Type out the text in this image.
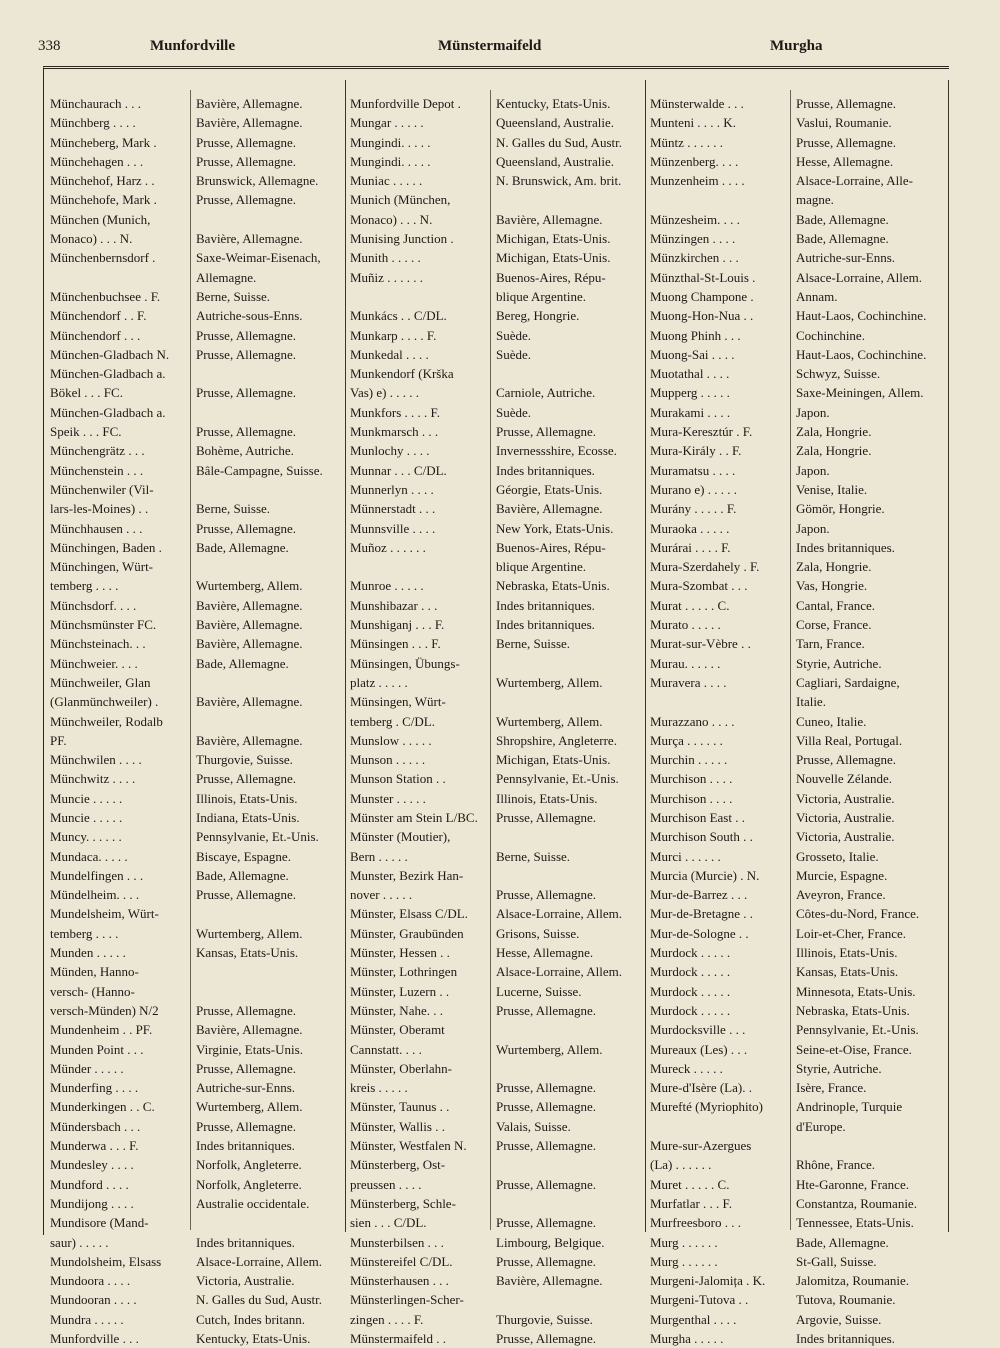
338	Munfordville	Münstermaifeld	Murgha
Münchaurach . . .	Bavière, Allemagne.
Münchberg . . . .	Bavière, Allemagne.
Müncheberg, Mark .	Prusse, Allemagne.
Münchehagen . . .	Prusse, Allemagne.
Münchehof, Harz . .	Brunswick, Allemagne.
Münchehofe, Mark .	Prusse, Allemagne.
München (Munich,
Monaco) . . . N.	Bavière, Allemagne.
Münchenbernsdorf .	Saxe-Weimar-Eisenach,
Allemagne.
Münchenbuchsee . F.	Berne, Suisse.
Münchendorf . . F.	Autriche-sous-Enns.
Münchendorf . . .	Prusse, Allemagne.
München-Gladbach N.	Prusse, Allemagne.
München-Gladbach a.
Bökel . . . FC.	Prusse, Allemagne.
München-Gladbach a.
Speik . . . FC.	Prusse, Allemagne.
Münchengrätz . . .	Bohème, Autriche.
Münchenstein . . .	Bâle-Campagne, Suisse.
Münchenwiler (Vil-
lars-les-Moines) . .	Berne, Suisse.
Münchhausen . . .	Prusse, Allemagne.
Münchingen, Baden .	Bade, Allemagne.
Münchingen, Würt-
temberg . . . .	Wurtemberg, Allem.
Münchsdorf. . . .	Bavière, Allemagne.
Münchsmünster FC.	Bavière, Allemagne.
Münchsteinach. . .	Bavière, Allemagne.
Münchweier. . . .	Bade, Allemagne.
Münchweiler, Glan
(Glanmünchweiler) .	Bavière, Allemagne.
Münchweiler, Rodalb
PF.	Bavière, Allemagne.
Münchwilen . . . .	Thurgovie, Suisse.
Münchwitz . . . .	Prusse, Allemagne.
Muncie . . . . .	Illinois, Etats-Unis.
Muncie . . . . .	Indiana, Etats-Unis.
Muncy. . . . . .	Pennsylvanie, Et.-Unis.
Mundaca. . . . .	Biscaye, Espagne.
Mundelfingen . . .	Bade, Allemagne.
Mündelheim. . . .	Prusse, Allemagne.
Mundelsheim, Würt-
temberg . . . .	Wurtemberg, Allem.
Munden . . . . .	Kansas, Etats-Unis.
Münden, Hanno-
versch- (Hanno-
versch-Münden) N/2	Prusse, Allemagne.
Mundenheim . . PF.	Bavière, Allemagne.
Munden Point . . .	Virginie, Etats-Unis.
Münder . . . . .	Prusse, Allemagne.
Munderfing . . . .	Autriche-sur-Enns.
Munderkingen . . C.	Wurtemberg, Allem.
Mündersbach . . .	Prusse, Allemagne.
Munderwa . . . F.	Indes britanniques.
Mundesley . . . .	Norfolk, Angleterre.
Mundford . . . .	Norfolk, Angleterre.
Mundijong . . . .	Australie occidentale.
Mundisore (Mand-
saur) . . . . .	Indes britanniques.
Mundolsheim, Elsass	Alsace-Lorraine, Allem.
Mundoora . . . .	Victoria, Australie.
Mundooran . . . .	N. Galles du Sud, Austr.
Mundra . . . . .	Cutch, Indes britann.
Munfordville . . .	Kentucky, Etats-Unis.
Munfordville Depot .	Kentucky, Etats-Unis.
Mungar . . . . .	Queensland, Australie.
Mungindi. . . . .	N. Galles du Sud, Austr.
Mungindi. . . . .	Queensland, Australie.
Muniac . . . . .	N. Brunswick, Am. brit.
Munich (München,
Monaco) . . . N.	Bavière, Allemagne.
Munising Junction .	Michigan, Etats-Unis.
Munith . . . . .	Michigan, Etats-Unis.
Muñiz . . . . . .	Buenos-Aires, Répu-
blique Argentine.
Munkács . . C/DL.	Bereg, Hongrie.
Munkarp . . . . F.	Suède.
Munkedal . . . .	Suède.
Munkendorf (Krška
Vas) e) . . . . .	Carniole, Autriche.
Munkfors . . . . F.	Suède.
Munkmarsch . . .	Prusse, Allemagne.
Munlochy . . . .	Invernessshire, Ecosse.
Munnar . . . C/DL.	Indes britanniques.
Munnerlyn . . . .	Géorgie, Etats-Unis.
Münnerstadt . . .	Bavière, Allemagne.
Munnsville . . . .	New York, Etats-Unis.
Muñoz . . . . . .	Buenos-Aires, Répu-
blique Argentine.
Munroe . . . . .	Nebraska, Etats-Unis.
Munshibazar . . .	Indes britanniques.
Munshiganj . . . F.	Indes britanniques.
Münsingen . . . F.	Berne, Suisse.
Münsingen, Übungs-
platz . . . . .	Wurtemberg, Allem.
Münsingen, Würt-
temberg . C/DL.	Wurtemberg, Allem.
Munslow . . . . .	Shropshire, Angleterre.
Munson . . . . .	Michigan, Etats-Unis.
Munson Station . .	Pennsylvanie, Et.-Unis.
Munster . . . . .	Illinois, Etats-Unis.
Münster am Stein L/BC.	Prusse, Allemagne.
Münster (Moutier),
Bern . . . . .	Berne, Suisse.
Munster, Bezirk Han-
nover . . . . .	Prusse, Allemagne.
Münster, Elsass C/DL.	Alsace-Lorraine, Allem.
Münster, Graubünden	Grisons, Suisse.
Münster, Hessen . .	Hesse, Allemagne.
Münster, Lothringen	Alsace-Lorraine, Allem.
Münster, Luzern . .	Lucerne, Suisse.
Münster, Nahe. . .	Prusse, Allemagne.
Münster, Oberamt
Cannstatt. . . .	Wurtemberg, Allem.
Münster, Oberlahn-
kreis . . . . .	Prusse, Allemagne.
Münster, Taunus . .	Prusse, Allemagne.
Münster, Wallis . .	Valais, Suisse.
Münster, Westfalen N.	Prusse, Allemagne.
Münsterberg, Ost-
preussen . . . .	Prusse, Allemagne.
Münsterberg, Schle-
sien . . . C/DL.	Prusse, Allemagne.
Munsterbilsen . . .	Limbourg, Belgique.
Münstereifel C/DL.	Prusse, Allemagne.
Münsterhausen . . .	Bavière, Allemagne.
Münsterlingen-Scher-
zingen . . . . F.	Thurgovie, Suisse.
Münstermaifeld . .	Prusse, Allemagne.
Münsterwalde . . .	Prusse, Allemagne.
Munteni . . . . K.	Vaslui, Roumanie.
Müntz . . . . . .	Prusse, Allemagne.
Münzenberg. . . .	Hesse, Allemagne.
Munzenheim . . . .	Alsace-Lorraine, Alle-
magne.
Münzesheim. . . .	Bade, Allemagne.
Münzingen . . . .	Bade, Allemagne.
Münzkirchen . . .	Autriche-sur-Enns.
Münzthal-St-Louis .	Alsace-Lorraine, Allem.
Muong Champone .	Annam.
Muong-Hon-Nua . .	Haut-Laos, Cochinchine.
Muong Phinh . . .	Cochinchine.
Muong-Sai . . . .	Haut-Laos, Cochinchine.
Muotathal . . . .	Schwyz, Suisse.
Mupperg . . . . .	Saxe-Meiningen, Allem.
Murakami . . . .	Japon.
Mura-Keresztúr . F.	Zala, Hongrie.
Mura-Király . . F.	Zala, Hongrie.
Muramatsu . . . .	Japon.
Murano e) . . . . .	Venise, Italie.
Murány . . . . . F.	Gömör, Hongrie.
Muraoka . . . . .	Japon.
Murárai . . . . F.	Indes britanniques.
Mura-Szerdahely . F.	Zala, Hongrie.
Mura-Szombat . . .	Vas, Hongrie.
Murat . . . . . C.	Cantal, France.
Murato . . . . .	Corse, France.
Murat-sur-Vèbre . .	Tarn, France.
Murau. . . . . .	Styrie, Autriche.
Muravera . . . .	Cagliari, Sardaigne,
Italie.
Murazzano . . . .	Cuneo, Italie.
Murça . . . . . .	Villa Real, Portugal.
Murchin . . . . .	Prusse, Allemagne.
Murchison . . . .	Nouvelle Zélande.
Murchison . . . .	Victoria, Australie.
Murchison East . .	Victoria, Australie.
Murchison South . .	Victoria, Australie.
Murci . . . . . .	Grosseto, Italie.
Murcia (Murcie) . N.	Murcie, Espagne.
Mur-de-Barrez . . .	Aveyron, France.
Mur-de-Bretagne . .	Côtes-du-Nord, France.
Mur-de-Sologne . .	Loir-et-Cher, France.
Murdock . . . . .	Illinois, Etats-Unis.
Murdock . . . . .	Kansas, Etats-Unis.
Murdock . . . . .	Minnesota, Etats-Unis.
Murdock . . . . .	Nebraska, Etats-Unis.
Murdocksville . . .	Pennsylvanie, Et.-Unis.
Mureaux (Les) . . .	Seine-et-Oise, France.
Mureck . . . . .	Styrie, Autriche.
Mure-d'Isère (La). .	Isère, France.
Murefté (Myriophito)	Andrinople, Turquie
d'Europe.
Mure-sur-Azergues
(La) . . . . . .	Rhône, France.
Muret . . . . . C.	Hte-Garonne, France.
Murfatlar . . . F.	Constantza, Roumanie.
Murfreesboro . . .	Tennessee, Etats-Unis.
Murg . . . . . .	Bade, Allemagne.
Murg . . . . . .	St-Gall, Suisse.
Murgeni-Jalomița . K.	Jalomitza, Roumanie.
Murgeni-Tutova . .	Tutova, Roumanie.
Murgenthal . . . .	Argovie, Suisse.
Murgha . . . . .	Indes britanniques.
